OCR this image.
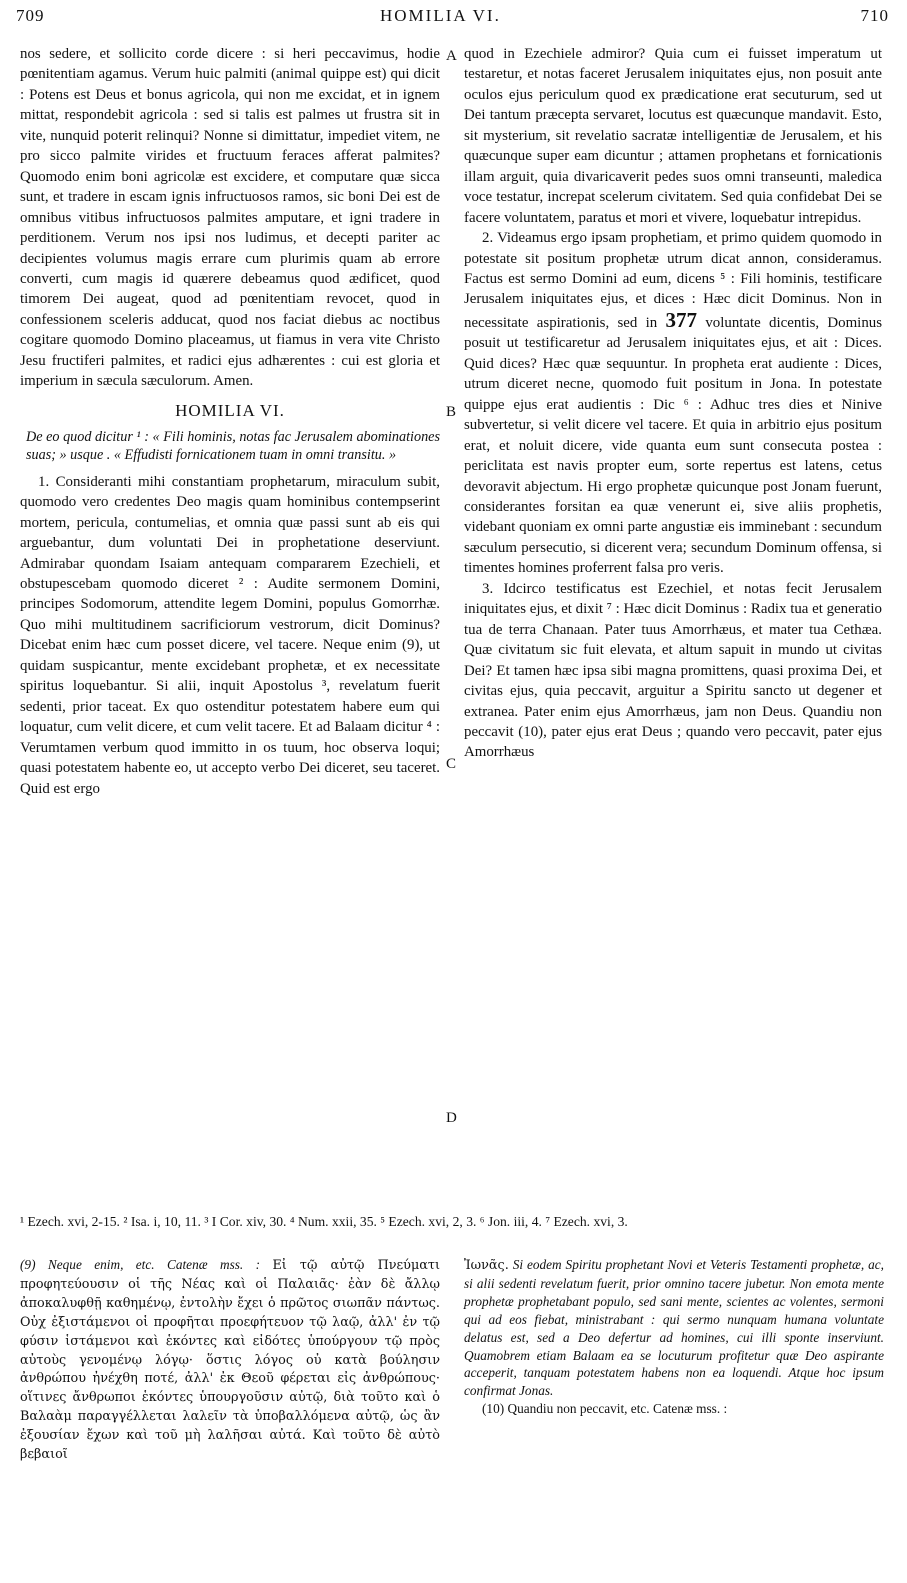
709	HOMILIA VI.	710
A
B
C
D

nos sedere, et sollicito corde dicere : si heri peccavimus, hodie pœnitentiam agamus. Verum huic palmiti (animal quippe est) qui dicit : Potens est Deus et bonus agricola, qui non me excidat, et in ignem mittat, respondebit agricola : sed si talis est palmes ut frustra sit in vite, nunquid poterit relinqui? Nonne si dimittatur, impediet vitem, ne pro sicco palmite virides et fructuum feraces afferat palmites? Quomodo enim boni agricolæ est excidere, et computare quæ sicca sunt, et tradere in escam ignis infructuosos ramos, sic boni Dei est de omnibus vitibus infructuosos palmites amputare, et igni tradere in perditionem. Verum nos ipsi nos ludimus, et decepti pariter ac decipientes volumus magis errare cum plurimis quam ab errore converti, cum magis id quærere debeamus quod ædificet, quod timorem Dei augeat, quod ad pœnitentiam revocet, quod in confessionem sceleris adducat, quod nos faciat diebus ac noctibus cogitare quomodo Domino placeamus, ut fiamus in vera vite Christo Jesu fructiferi palmites, et radici ejus adhærentes : cui est gloria et imperium in sæcula sæculorum. Amen.

HOMILIA VI.
De eo quod dicitur ¹ : « Fili hominis, notas fac Jerusalem abominationes suas; » usque . « Effudisti fornicationem tuam in omni transitu. »

1. Consideranti mihi constantiam prophetarum, miraculum subit, quomodo vero credentes Deo magis quam hominibus contempserint mortem, pericula, contumelias, et omnia quæ passi sunt ab eis qui arguebantur, dum voluntati Dei in prophetatione deserviunt. Admirabar quondam Isaiam antequam compararem Ezechieli, et obstupescebam quomodo diceret ² : Audite sermonem Domini, principes Sodomorum, attendite legem Domini, populus Gomorrhæ. Quo mihi multitudinem sacrificiorum vestrorum, dicit Dominus? Dicebat enim hæc cum posset dicere, vel tacere. Neque enim (9), ut quidam suspicantur, mente excidebant prophetæ, et ex necessitate spiritus loquebantur. Si alii, inquit Apostolus ³, revelatum fuerit sedenti, prior taceat. Ex quo ostenditur potestatem habere eum qui loquatur, cum velit dicere, et cum velit tacere. Et ad Balaam dicitur ⁴ : Verumtamen verbum quod immitto in os tuum, hoc observa loqui; quasi potestatem habente eo, ut accepto verbo Dei diceret, seu taceret. Quid est ergo

quod in Ezechiele admiror? Quia cum ei fuisset imperatum ut testaretur, et notas faceret Jerusalem iniquitates ejus, non posuit ante oculos ejus periculum quod ex prædicatione erat secuturum, sed ut Dei tantum præcepta servaret, locutus est quæcunque mandavit. Esto, sit mysterium, sit revelatio sacratæ intelligentiæ de Jerusalem, et his quæcunque super eam dicuntur ; attamen prophetans et fornicationis illam arguit, quia divaricaverit pedes suos omni transeunti, maledica voce testatur, increpat scelerum civitatem. Sed quia confidebat Dei se facere voluntatem, paratus et mori et vivere, loquebatur intrepidus.

2. Videamus ergo ipsam prophetiam, et primo quidem quomodo in potestate sit positum prophetæ utrum dicat annon, consideramus. Factus est sermo Domini ad eum, dicens ⁵ : Fili hominis, testificare Jerusalem iniquitates ejus, et dices : Hæc dicit Dominus. Non in necessitate aspirationis, sed in 377 voluntate dicentis, Dominus posuit ut testificaretur ad Jerusalem iniquitates ejus, et ait : Dices. Quid dices? Hæc quæ sequuntur. In propheta erat audiente : Dices, utrum diceret necne, quomodo fuit positum in Jona. In potestate quippe ejus erat audientis : Dic ⁶ : Adhuc tres dies et Ninive subvertetur, si velit dicere vel tacere. Et quia in arbitrio ejus positum erat, et noluit dicere, vide quanta eum sunt consecuta postea : periclitata est navis propter eum, sorte repertus est latens, cetus devoravit abjectum. Hi ergo prophetæ quicunque post Jonam fuerunt, considerantes forsitan ea quæ venerunt ei, sive aliis prophetis, videbant quoniam ex omni parte angustiæ eis imminebant : secundum sæculum persecutio, si dicerent vera; secundum Dominum offensa, si timentes homines proferrent falsa pro veris.

3. Idcirco testificatus est Ezechiel, et notas fecit Jerusalem iniquitates ejus, et dixit ⁷ : Hæc dicit Dominus : Radix tua et generatio tua de terra Chanaan. Pater tuus Amorrhæus, et mater tua Cethæa. Quæ civitatum sic fuit elevata, et altum sapuit in mundo ut civitas Dei? Et tamen hæc ipsa sibi magna promittens, quasi proxima Dei, et civitas ejus, quia peccavit, arguitur a Spiritu sancto ut degener et extranea. Pater enim ejus Amorrhæus, jam non Deus. Quandiu non peccavit (10), pater ejus erat Deus ; quando vero peccavit, pater ejus Amorrhæus

¹ Ezech. xvi, 2-15. ² Isa. i, 10, 11. ³ I Cor. xiv, 30. ⁴ Num. xxii, 35. ⁵ Ezech. xvi, 2, 3. ⁶ Jon. iii, 4. ⁷ Ezech. xvi, 3.

(9) Neque enim, etc. Catenæ mss. : Εἰ τῷ αὐτῷ Πνεύματι προφητεύουσιν οἱ τῆς Νέας καὶ οἱ Παλαιᾶς· ἐὰν δὲ ἄλλῳ ἀποκαλυφθῇ καθημένῳ, ἐντολὴν ἔχει ὁ πρῶτος σιωπᾶν πάντως. Οὐχ ἐξιστάμενοι οἱ προφῆται προεφήτευον τῷ λαῷ, ἀλλ' ἐν τῷ φύσιν ἱστάμενοι καὶ ἑκόντες καὶ εἰδότες ὑπούργουν τῷ πρὸς αὐτοὺς γενομένῳ λόγῳ· ὅστις λόγος οὐ κατὰ βούλησιν ἀνθρώπου ἠνέχθη ποτέ, ἀλλ' ἐκ Θεοῦ φέρεται εἰς ἀνθρώπους· οἵτινες ἄνθρωποι ἑκόντες ὑπουργοῦσιν αὐτῷ, διὰ τοῦτο καὶ ὁ Βαλαὰμ παραγγέλλεται λαλεῖν τὰ ὑποβαλλόμενα αὐτῷ, ὡς ἂν ἐξουσίαν ἔχων καὶ τοῦ μὴ λαλῆσαι αὐτά. Καὶ τοῦτο δὲ αὐτὸ βεβαιοῖ

Ἰωνᾶς. Si eodem Spiritu prophetant Novi et Veteris Testamenti prophetæ, ac, si alii sedenti revelatum fuerit, prior omnino tacere jubetur. Non emota mente prophetæ prophetabant populo, sed sani mente, scientes ac volentes, sermoni qui ad eos fiebat, ministrabant : qui sermo nunquam humana voluntate delatus est, sed a Deo defertur ad homines, cui illi sponte inserviunt. Quamobrem etiam Balaam ea se locuturum profitetur quæ Deo aspirante acceperit, tanquam potestatem habens non ea loquendi. Atque hoc ipsum confirmat Jonas.

(10) Quandiu non peccavit, etc. Catenæ mss. :
